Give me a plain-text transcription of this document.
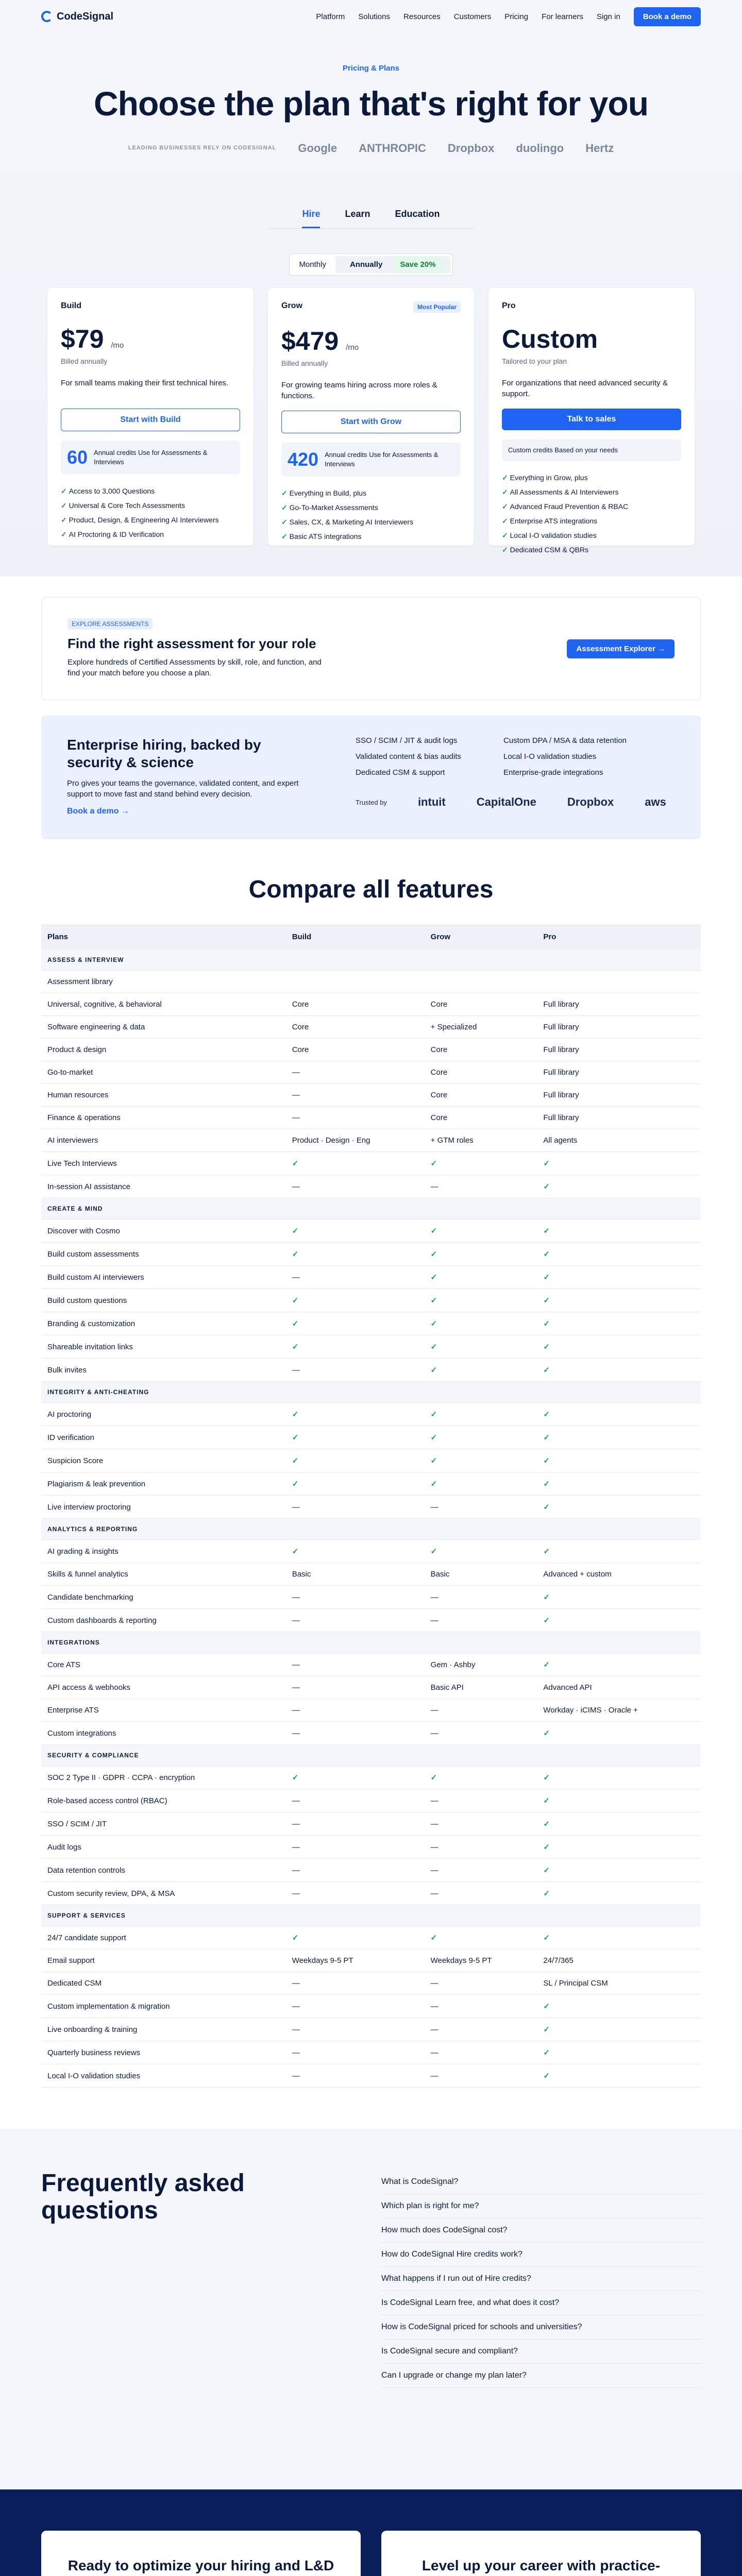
CodeSignal	Platform Solutions Resources Customers Pricing For learners Sign in	Book a demo
Pricing & Plans
Choose the plan that's right for you
LEADING BUSINESSES RELY ON CODESIGNAL Google ANTHROPIC Dropbox duolingo Hertz
Hire	Learn	Education
Monthly	Annually Save 20%
Build
$79 /mo
Billed annually
For small teams making their first technical hires.
Start with Build
60 Annual credits Use for Assessments & Interviews
✓ Access to 3,000 Questions
✓ Universal & Core Tech Assessments
✓ Product, Design, & Engineering AI Interviewers
✓ AI Proctoring & ID Verification
Grow	Most Popular
$479 /mo
Billed annually
For growing teams hiring across more roles & functions.
Start with Grow
420 Annual credits Use for Assessments & Interviews
✓ Everything in Build, plus
✓ Go-To-Market Assessments
✓ Sales, CX, & Marketing AI Interviewers
✓ Basic ATS integrations
Pro
Custom
Tailored to your plan
For organizations that need advanced security & support.
Talk to sales
Custom credits Based on your needs
✓ Everything in Grow, plus
✓ All Assessments & AI Interviewers
✓ Advanced Fraud Prevention & RBAC
✓ Enterprise ATS integrations
✓ Local I-O validation studies
✓ Dedicated CSM & QBRs
EXPLORE ASSESSMENTS
Find the right assessment for your role

Explore hundreds of Certified Assessments by skill, role, and function, and find your match before you choose a plan.

Assessment Explorer →
Enterprise hiring, backed by security & science

Pro gives your teams the governance, validated content, and expert support to move fast and stand behind every decision.

Book a demo →
SSO / SCIM / JIT & audit logs	Custom DPA / MSA & data retention
Validated content & bias audits	Local I-O validation studies
Dedicated CSM & support	Enterprise-grade integrations
Trusted by	intuit	CapitalOne	Dropbox	aws
Compare all features
Plans	Build	Grow	Pro
ASSESS & INTERVIEW			
Assessment library			
Universal, cognitive, & behavioral	Core	Core	Full library
Software engineering & data	Core	+ Specialized	Full library
Product & design	Core	Core	Full library
Go-to-market	—	Core	Full library
Human resources	—	Core	Full library
Finance & operations	—	Core	Full library
AI interviewers	Product · Design · Eng	+ GTM roles	All agents
Live Tech Interviews	✓	✓	✓
In-session AI assistance	—	—	✓
CREATE & MIND			
Discover with Cosmo	✓	✓	✓
Build custom assessments	✓	✓	✓
Build custom AI interviewers	—	✓	✓
Build custom questions	✓	✓	✓
Branding & customization	✓	✓	✓
Shareable invitation links	✓	✓	✓
Bulk invites	—	✓	✓
INTEGRITY & ANTI-CHEATING			
AI proctoring	✓	✓	✓
ID verification	✓	✓	✓
Suspicion Score	✓	✓	✓
Plagiarism & leak prevention	✓	✓	✓
Live interview proctoring	—	—	✓
ANALYTICS & REPORTING			
AI grading & insights	✓	✓	✓
Skills & funnel analytics	Basic	Basic	Advanced + custom
Candidate benchmarking	—	—	✓
Custom dashboards & reporting	—	—	✓
INTEGRATIONS			
Core ATS	—	Gem · Ashby	✓
API access & webhooks	—	Basic API	Advanced API
Enterprise ATS	—	—	Workday · iCIMS · Oracle +
Custom integrations	—	—	✓
SECURITY & COMPLIANCE			
SOC 2 Type II · GDPR · CCPA · encryption	✓	✓	✓
Role-based access control (RBAC)	—	—	✓
SSO / SCIM / JIT	—	—	✓
Audit logs	—	—	✓
Data retention controls	—	—	✓
Custom security review, DPA, & MSA	—	—	✓
SUPPORT & SERVICES			
24/7 candidate support	✓	✓	✓
Email support	Weekdays 9-5 PT	Weekdays 9-5 PT	24/7/365
Dedicated CSM	—	—	SL / Principal CSM
Custom implementation & migration	—	—	✓
Live onboarding & training	—	—	✓
Quarterly business reviews	—	—	✓
Local I-O validation studies	—	—	✓
Frequently asked questions
What is CodeSignal?
Which plan is right for me?
How much does CodeSignal cost?
How do CodeSignal Hire credits work?
What happens if I run out of Hire credits?
Is CodeSignal Learn free, and what does it cost?
How is CodeSignal priced for schools and universities?
Is CodeSignal secure and compliant?
Can I upgrade or change my plan later?
Ready to optimize your hiring and L&D	Level up your career with practice-
